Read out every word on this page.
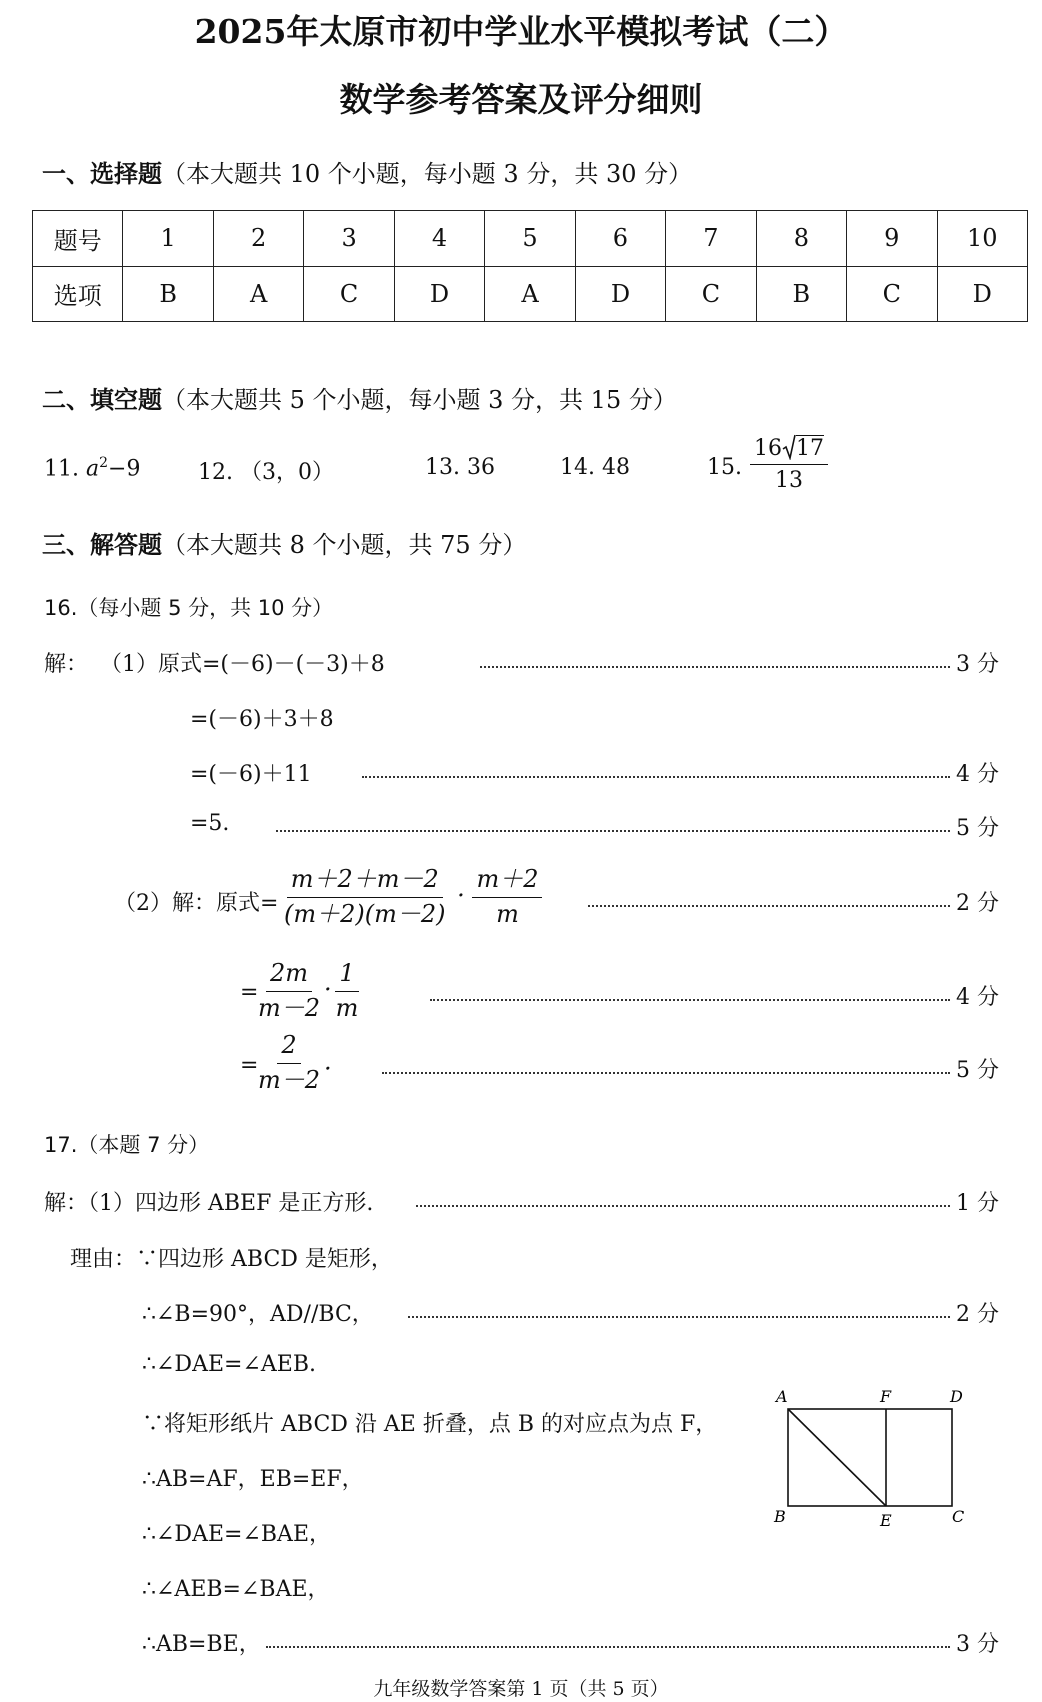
2025年太原市初中学业水平模拟考试（二）
数学参考答案及评分细则
一、选择题（本大题共 10 个小题，每小题 3 分，共 30 分）
题号	1	2	3	4	5	6	7	8	9	10
选项	B	A	C	D	A	D	C	B	C	D
二、填空题（本大题共 5 个小题，每小题 3 分，共 15 分）
11. $a^2-9$	12. （3，0）	13. 36	14. 48	15. $\frac{16 17}{13}$
三、解答题（本大题共 8 个小题，共 75 分）
16.（每小题 5 分，共 10 分）
解： （1）原式=(－6)－(－3)＋8	3 分
=(－6)＋3＋8
=(－6)＋11	4 分
=5.	5 分
（2）解：原式= $\frac{m+2+m-2}{(m+2)(m-2)} \cdot \frac{m+2}{m}$	2 分
=
$\frac{2m}{m-2} \cdot \frac{1}{m}$	4 分
=
$\frac{2}{m-2}$ .	5 分
17.（本题 7 分）
解：（1）四边形 ABEF 是正方形.	1 分
理由：∵四边形 ABCD 是矩形，
∴∠B=90°，AD//BC，	2 分
∴∠DAE=∠AEB.
∵将矩形纸片 ABCD 沿 AE 折叠，点 B 的对应点为点 F，
∴AB=AF，EB=EF，
∴∠DAE=∠BAE，
∴∠AEB=∠BAE，
∴AB=BE，	3 分
A	F	D
B	E	C
九年级数学答案第 1 页（共 5 页）
